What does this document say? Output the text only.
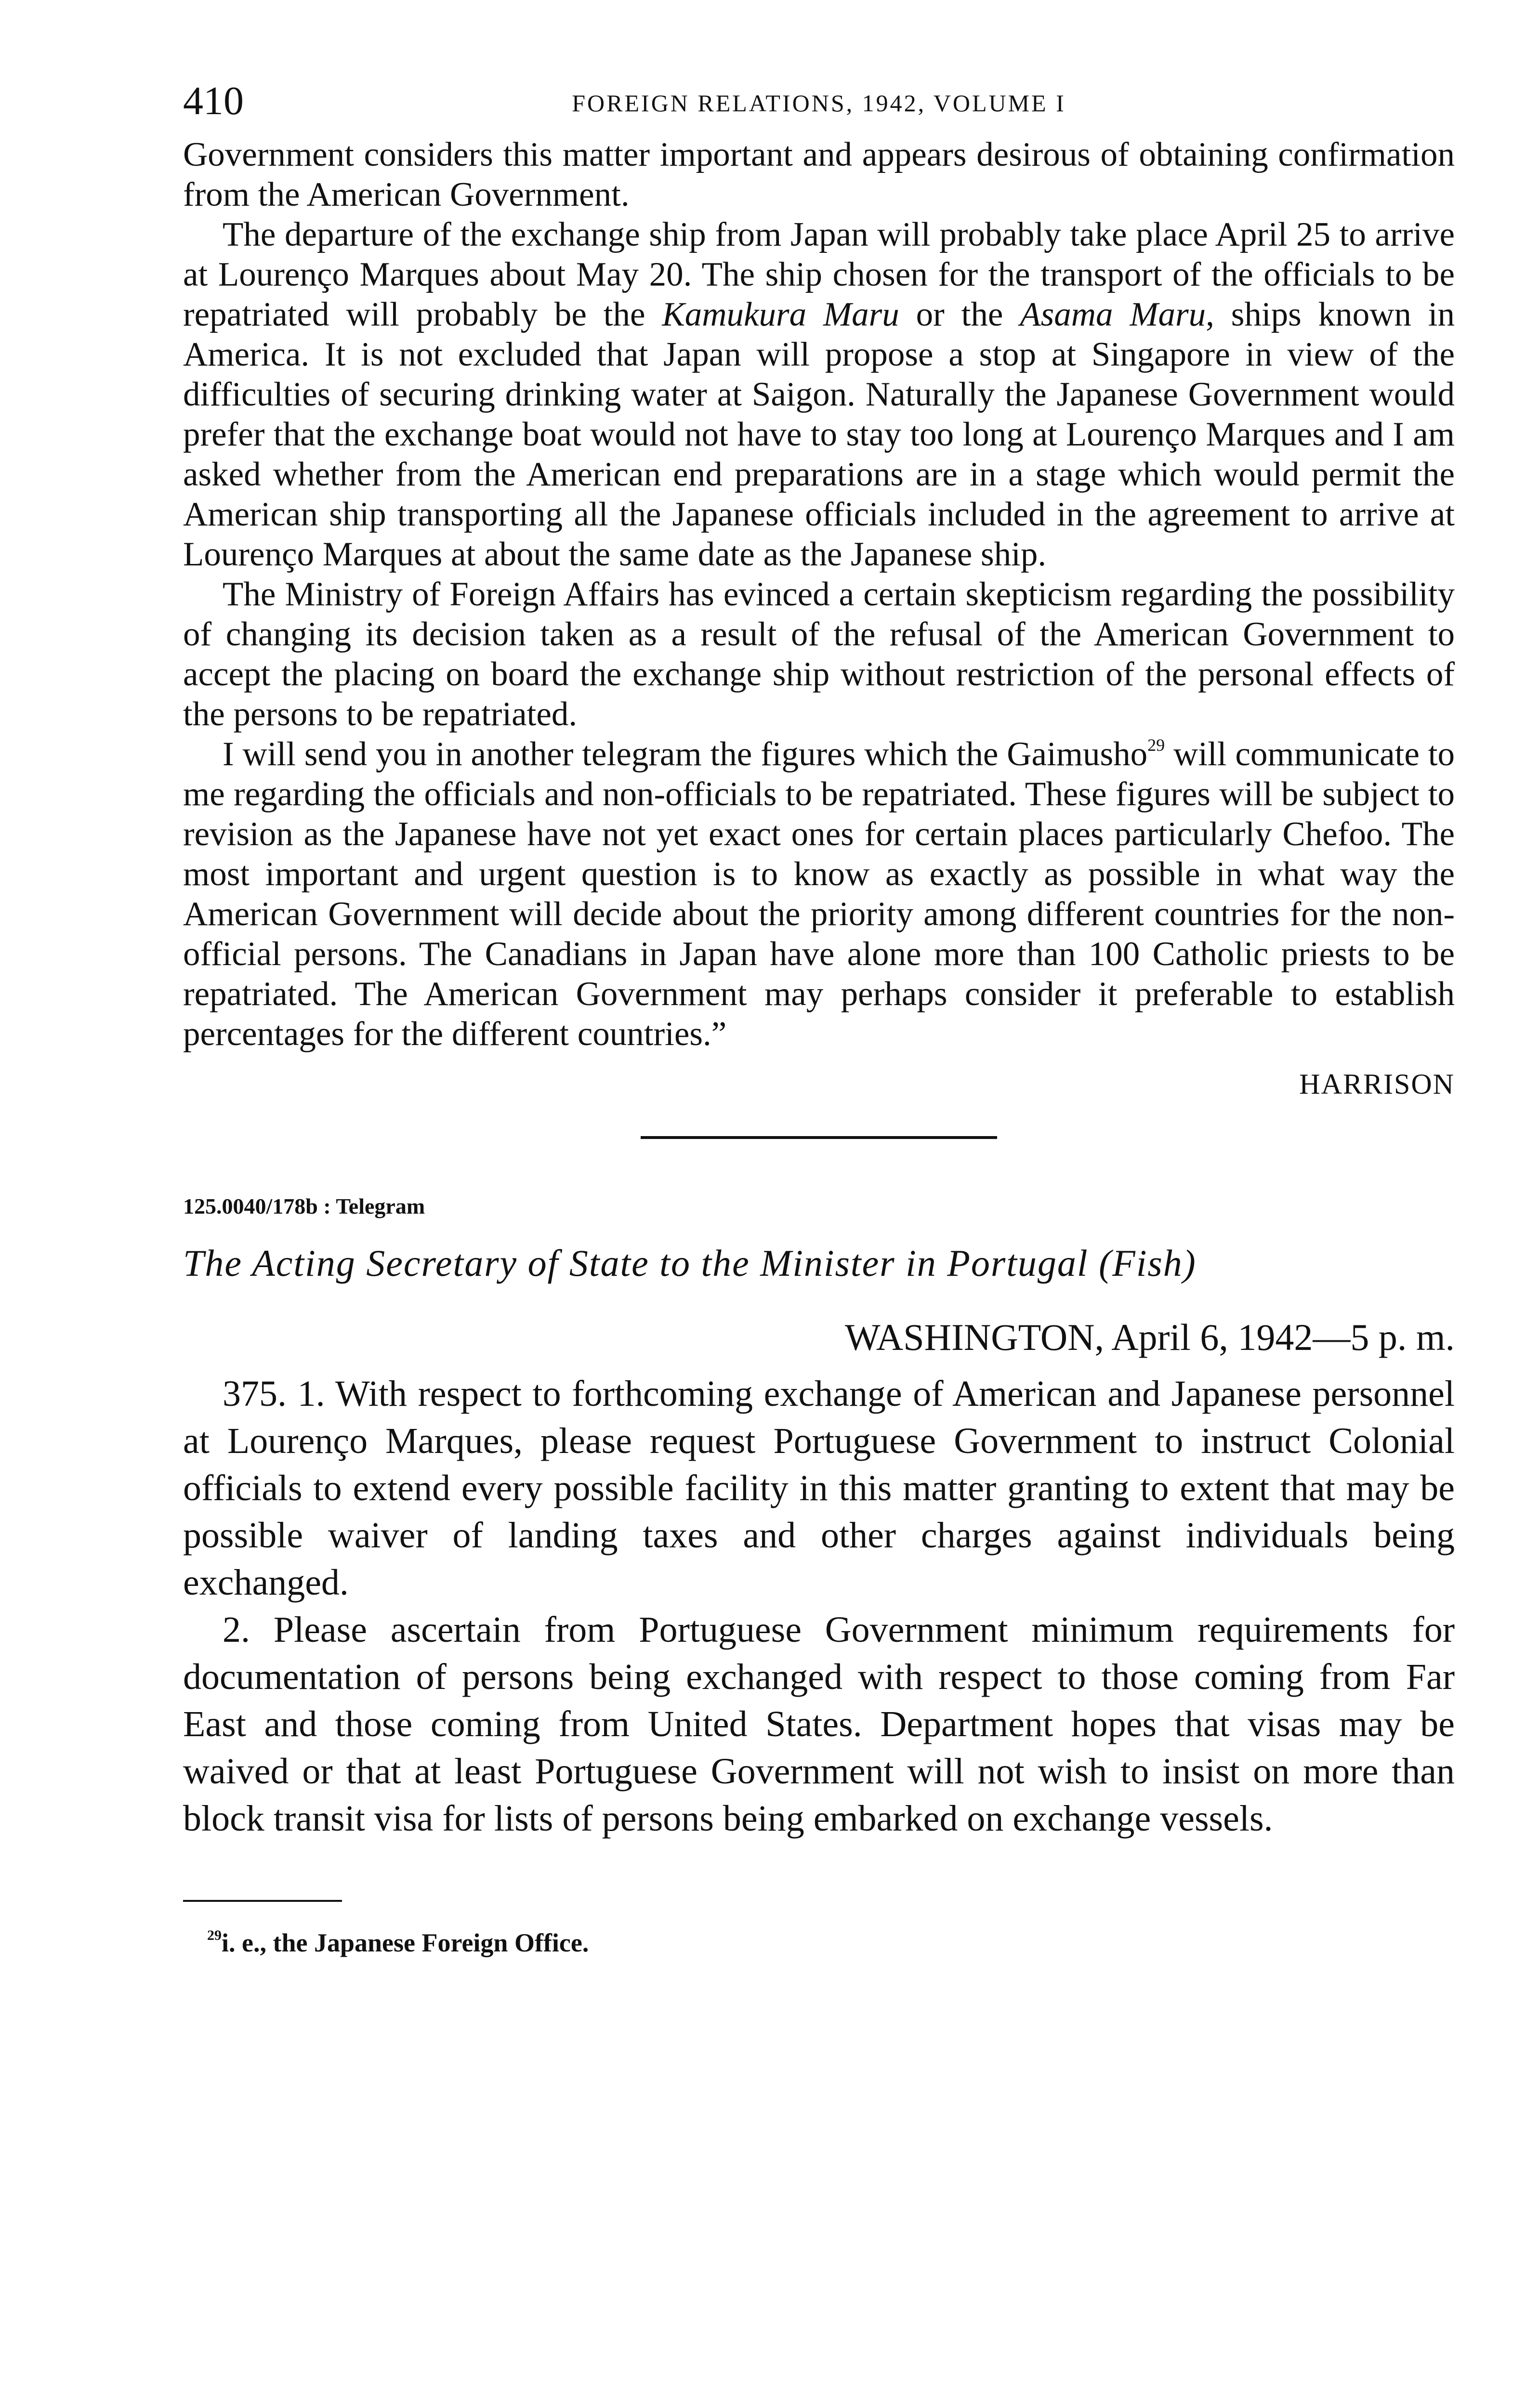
410	FOREIGN RELATIONS, 1942, VOLUME I

Government considers this matter important and appears desirous of obtaining confirmation from the American Government.

The departure of the exchange ship from Japan will probably take place April 25 to arrive at Lourenço Marques about May 20. The ship chosen for the transport of the officials to be repatriated will probably be the Kamukura Maru or the Asama Maru, ships known in America. It is not excluded that Japan will propose a stop at Singapore in view of the difficulties of securing drinking water at Saigon. Naturally the Japanese Government would prefer that the exchange boat would not have to stay too long at Lourenço Marques and I am asked whether from the American end preparations are in a stage which would permit the American ship transporting all the Japanese officials included in the agreement to arrive at Lourenço Marques at about the same date as the Japanese ship.

The Ministry of Foreign Affairs has evinced a certain skepticism regarding the possibility of changing its decision taken as a result of the refusal of the American Government to accept the placing on board the exchange ship without restriction of the personal effects of the persons to be repatriated.

I will send you in another telegram the figures which the Gaimusho$^{29}$ will communicate to me regarding the officials and non-officials to be repatriated. These figures will be subject to revision as the Japanese have not yet exact ones for certain places particularly Chefoo. The most important and urgent question is to know as exactly as possible in what way the American Government will decide about the priority among different countries for the non-official persons. The Canadians in Japan have alone more than 100 Catholic priests to be repatriated. The American Government may perhaps consider it preferable to establish percentages for the different countries.”

HARRISON
125.0040/178b : Telegram
The Acting Secretary of State to the Minister in Portugal (Fish)
WASHINGTON, April 6, 1942—5 p. m.

375. 1. With respect to forthcoming exchange of American and Japanese personnel at Lourenço Marques, please request Portuguese Government to instruct Colonial officials to extend every possible facility in this matter granting to extent that may be possible waiver of landing taxes and other charges against individuals being exchanged.

2. Please ascertain from Portuguese Government minimum requirements for documentation of persons being exchanged with respect to those coming from Far East and those coming from United States. Department hopes that visas may be waived or that at least Portuguese Government will not wish to insist on more than block transit visa for lists of persons being embarked on exchange vessels.

$^{29}$i. e., the Japanese Foreign Office.
